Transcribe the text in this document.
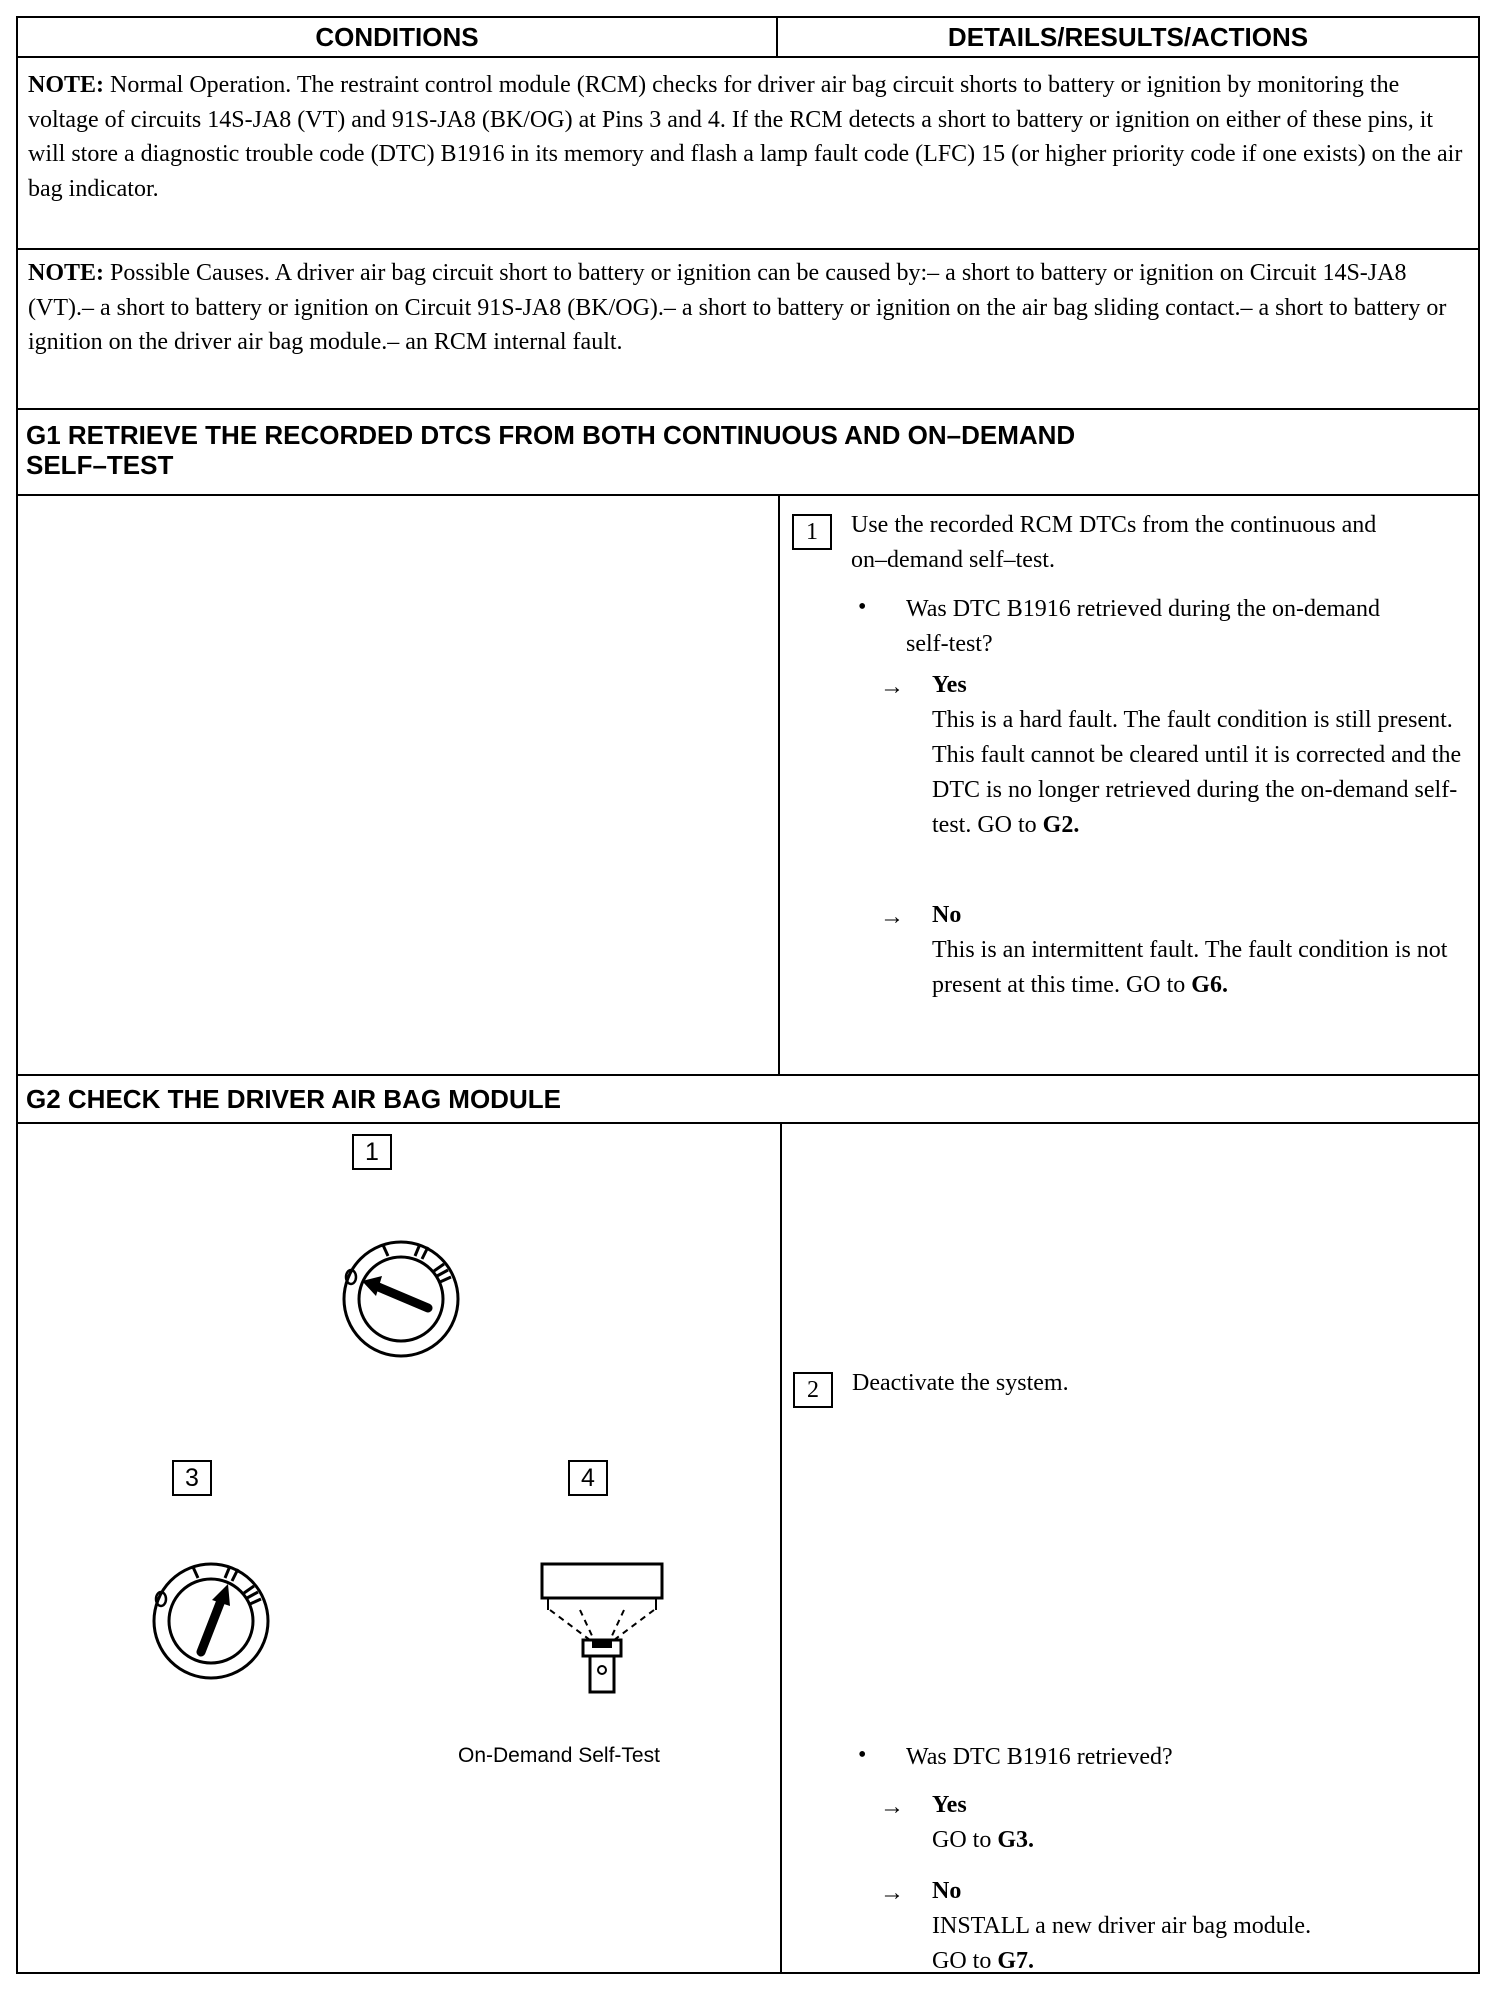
CONDITIONS	DETAILS/RESULTS/ACTIONS
NOTE: Normal Operation. The restraint control module (RCM) checks for driver air bag circuit shorts to battery or ignition by monitoring the voltage of circuits 14S-JA8 (VT) and 91S-JA8 (BK/OG) at Pins 3 and 4. If the RCM detects a short to battery or ignition on either of these pins, it will store a diagnostic trouble code (DTC) B1916 in its memory and flash a lamp fault code (LFC) 15 (or higher priority code if one exists) on the air bag indicator.
NOTE: Possible Causes. A driver air bag circuit short to battery or ignition can be caused by:– a short to battery or ignition on Circuit 14S-JA8 (VT).– a short to battery or ignition on Circuit 91S-JA8 (BK/OG).– a short to battery or ignition on the air bag sliding contact.– a short to battery or ignition on the driver air bag module.– an RCM internal fault.
G1 RETRIEVE THE RECORDED DTCS FROM BOTH CONTINUOUS AND ON–DEMAND
SELF–TEST
1	Use the recorded RCM DTCs from the continuous and on–demand self–test.
• Was DTC B1916 retrieved during the on-demand self-test?
→ Yes
This is a hard fault. The fault condition is still present. This fault cannot be cleared until it is corrected and the DTC is no longer retrieved during the on-demand self-test. GO to G2.
→ No
This is an intermittent fault. The fault condition is not present at this time. GO to G6.
G2 CHECK THE DRIVER AIR BAG MODULE
1
3	4
On-Demand Self-Test
2	Deactivate the system.
• Was DTC B1916 retrieved?
→ Yes
GO to G3.
→ No
INSTALL a new driver air bag module.
GO to G7.
